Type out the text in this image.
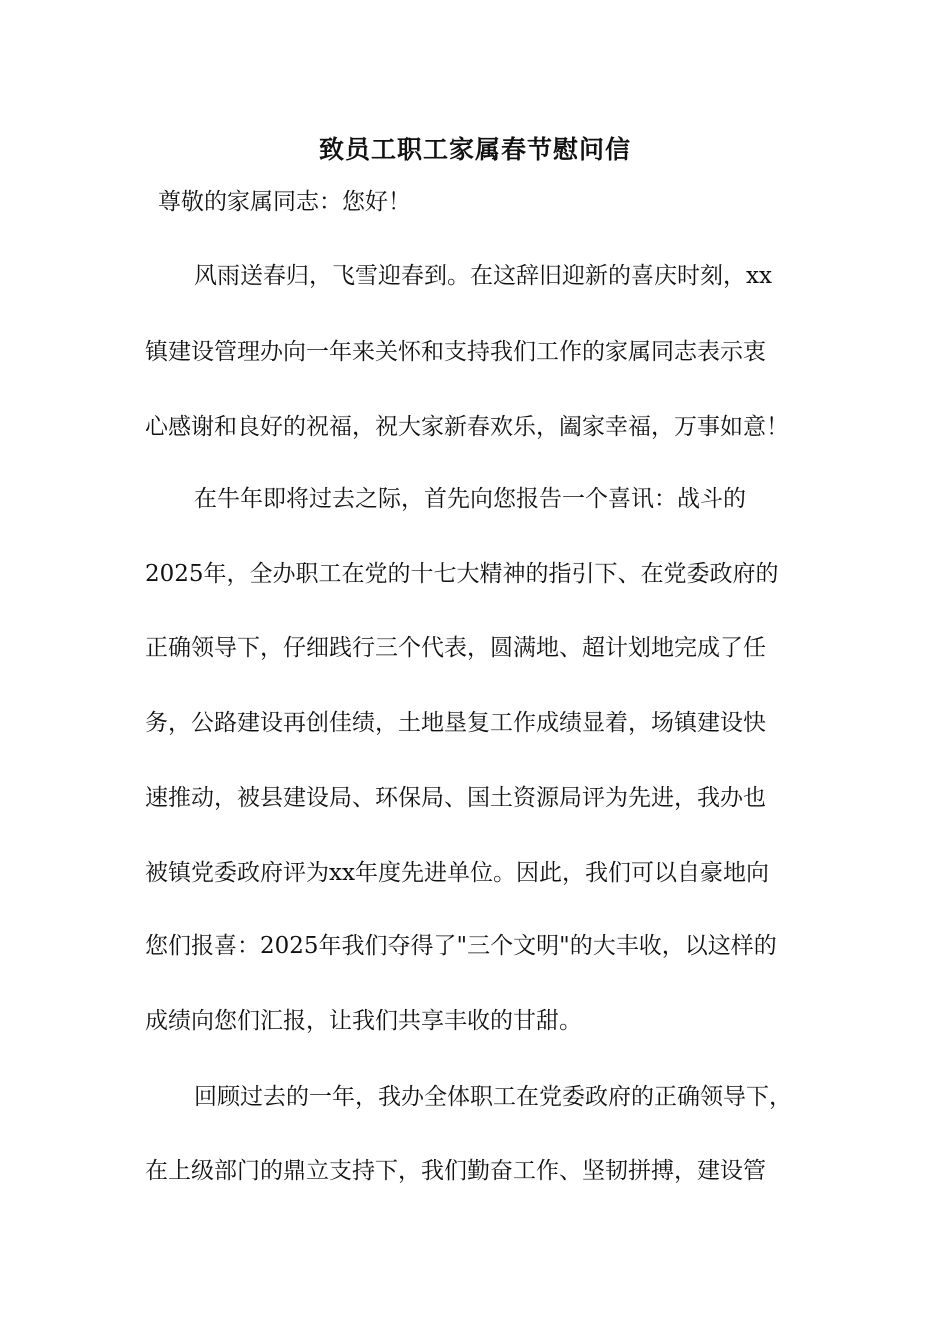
致员工职工家属春节慰问信

尊敬的家属同志：您好！

风雨送春归，飞雪迎春到。在这辞旧迎新的喜庆时刻，xx

镇建设管理办向一年来关怀和支持我们工作的家属同志表示衷

心感谢和良好的祝福，祝大家新春欢乐，阖家幸福，万事如意！

在牛年即将过去之际，首先向您报告一个喜讯：战斗的

2025年，全办职工在党的十七大精神的指引下、在党委政府的

正确领导下，仔细践行三个代表，圆满地、超计划地完成了任

务，公路建设再创佳绩，土地垦复工作成绩显着，场镇建设快

速推动，被县建设局、环保局、国土资源局评为先进，我办也

被镇党委政府评为xx年度先进单位。因此，我们可以自豪地向

您们报喜：2025年我们夺得了"三个文明"的大丰收，以这样的

成绩向您们汇报，让我们共享丰收的甘甜。

回顾过去的一年，我办全体职工在党委政府的正确领导下，

在上级部门的鼎立支持下，我们勤奋工作、坚韧拼搏，建设管
